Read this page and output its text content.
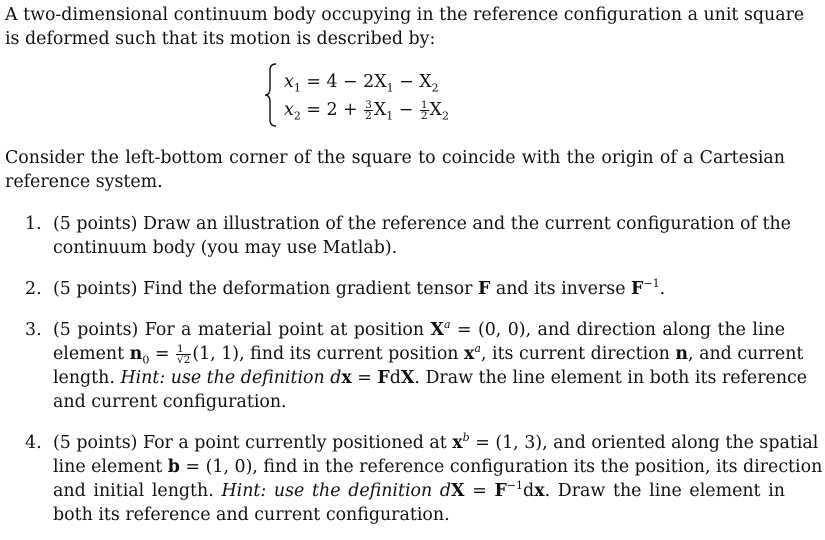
A two-dimensional continuum body occupying in the reference configuration a unit square
is deformed such that its motion is described by:

$x_1 = 4 - 2X_1 - X_2$
$x_2 = 2 + \frac{3}{2} X_1 - \frac{1}{2} X_2$

Consider the left-bottom corner of the square to coincide with the origin of a Cartesian
reference system.

1. (5 points) Draw an illustration of the reference and the current configuration of the
continuum body (you may use Matlab).
2. (5 points) Find the deformation gradient tensor F and its inverse $F^{-1}$.
3. (5 points) For a material point at position $X^a = (0$, 0), and direction along the line
element $n_0 = \frac{1}{√2} (1$, 1), find its current position $x^a$, its current direction n, and current
length. Hint: use the definition dx = FdX. Draw the line element in both its reference
and current configuration.
4. (5 points) For a point currently positioned at $x^b = (1$, 3), and oriented along the spatial
line element b = (1, 0), find in the reference configuration its the position, its direction
and initial length. Hint: use the definition dX = $F^{-1}dx$. Draw the line element in
both its reference and current configuration.
